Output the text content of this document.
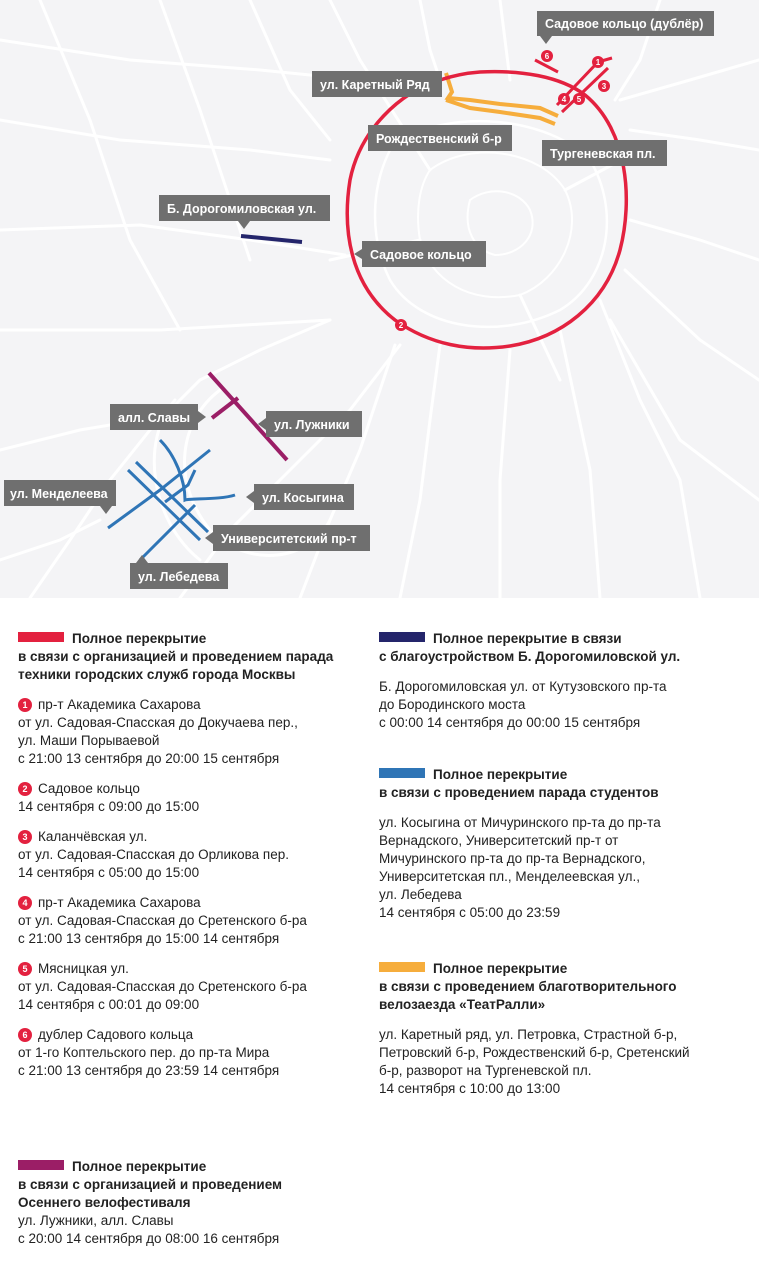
1
2
3
4 5
6
Садовое кольцо (дублёр)
ул. Каретный Ряд
Рождественский б-р
Тургеневская пл.
Б. Дорогомиловская ул.
Садовое кольцо
алл. Славы	ул. Лужники
ул. Менделеева	ул. Косыгина
Университетский пр-т
ул. Лебедева

Полное перекрытие

в связи с организацией и проведением парада техники городских служб города Москвы

1 пр-т Академика Сахарова

от ул. Садовая-Спасская до Докучаева пер.,

ул. Маши Порываевой

с 21:00 13 сентября до 20:00 15 сентября

2 Садовое кольцо

14 сентября с 09:00 до 15:00

3 Каланчёвская ул.

от ул. Садовая-Спасская до Орликова пер.

14 сентября с 05:00 до 15:00

4 пр-т Академика Сахарова

от ул. Садовая-Спасская до Сретенского б-ра

с 21:00 13 сентября до 15:00 14 сентября

5 Мясницкая ул.

от ул. Садовая-Спасская до Сретенского б-ра

14 сентября с 00:01 до 09:00

6 дублер Садового кольца

от 1-го Коптельского пер. до пр-та Мира

с 21:00 13 сентября до 23:59 14 сентября

Полное перекрытие

в связи с организацией и проведением

Осеннего велофестиваля

ул. Лужники, алл. Славы

с 20:00 14 сентября до 08:00 16 сентября

Полное перекрытие в связи

с благоустройством Б. Дорогомиловской ул.

Б. Дорогомиловская ул. от Кутузовского пр-та

до Бородинского моста

с 00:00 14 сентября до 00:00 15 сентября

Полное перекрытие

в связи с проведением парада студентов

ул. Косыгина от Мичуринского пр-та до пр-та

Вернадского, Университетский пр-т от

Мичуринского пр-та до пр-та Вернадского,

Университетская пл., Менделеевская ул.,

ул. Лебедева

14 сентября с 05:00 до 23:59

Полное перекрытие

в связи с проведением благотворительного

велозаезда «ТеатРалли»

ул. Каретный ряд, ул. Петровка, Страстной б-р,

Петровский б-р, Рождественский б-р, Сретенский

б-р, разворот на Тургеневской пл.

14 сентября с 10:00 до 13:00
